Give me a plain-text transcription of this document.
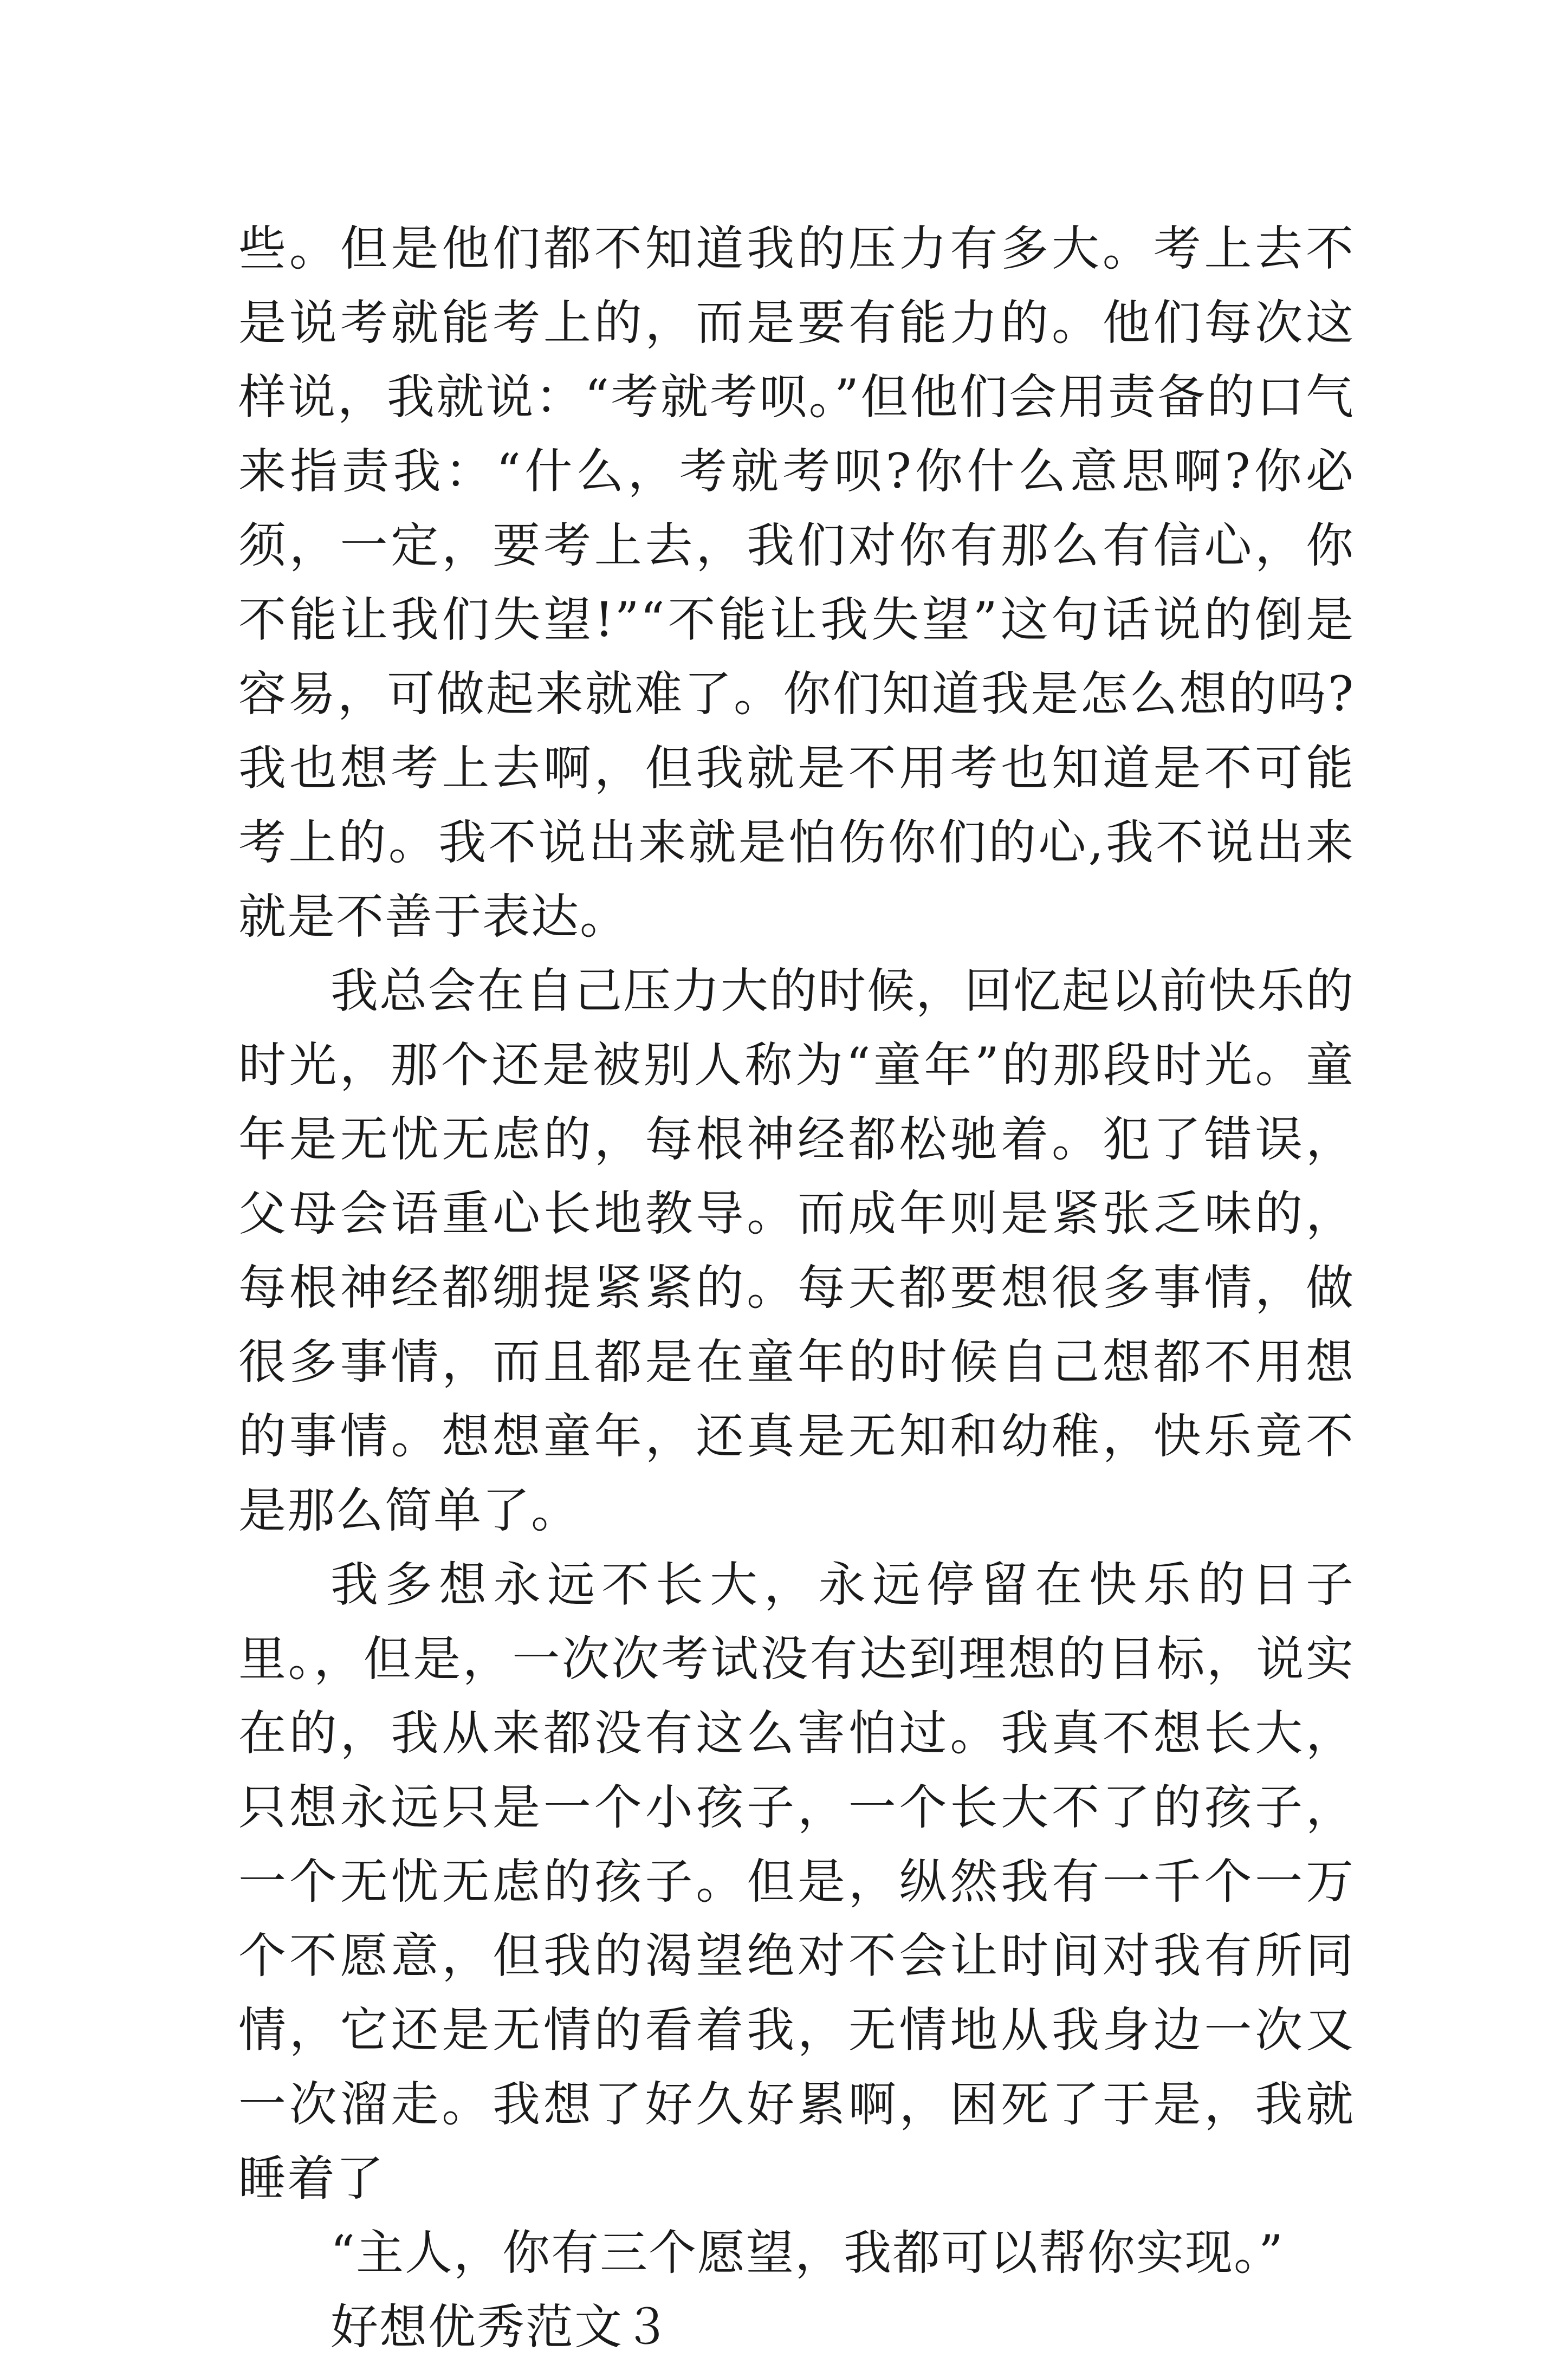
些。但是他们都不知道我的压力有多大。考上去不是说考就能考上的，而是要有能力的。他们每次这样说，我就说：“考就考呗。”但他们会用责备的口气来指责我：“什么，考就考呗?你什么意思啊?你必须，一定，要考上去，我们对你有那么有信心，你不能让我们失望!”“不能让我失望”这句话说的倒是容易，可做起来就难了。你们知道我是怎么想的吗?我也想考上去啊，但我就是不用考也知道是不可能考上的。我不说出来就是怕伤你们的心,我不说出来就是不善于表达。

我总会在自己压力大的时候，回忆起以前快乐的时光，那个还是被别人称为“童年”的那段时光。童年是无忧无虑的，每根神经都松驰着。犯了错误，父母会语重心长地教导。而成年则是紧张乏味的，每根神经都绷提紧紧的。每天都要想很多事情，做很多事情，而且都是在童年的时候自己想都不用想的事情。想想童年，还真是无知和幼稚，快乐竟不是那么简单了。

我多想永远不长大，永远停留在快乐的日子里。，但是，一次次考试没有达到理想的目标，说实在的，我从来都没有这么害怕过。我真不想长大，只想永远只是一个小孩子，一个长大不了的孩子，一个无忧无虑的孩子。但是，纵然我有一千个一万个不愿意，但我的渴望绝对不会让时间对我有所同情，它还是无情的看着我，无情地从我身边一次又一次溜走。我想了好久好累啊，困死了于是，我就睡着了

“主人，你有三个愿望，我都可以帮你实现。”

好想优秀范文３
